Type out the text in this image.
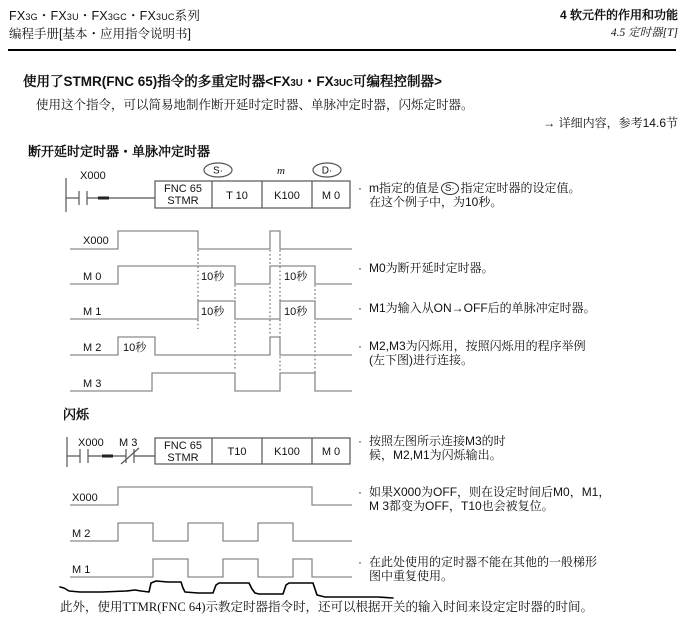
FX3G・FX3U・FX3GC・FX3UC系列
编程手册[基本・应用指令说明书]
4 软元件的作用和功能
4.5 定时器[T]
使用了STMR(FNC 65)指令的多重定时器<FX3U・FX3UC可编程控制器>
使用这个指令，可以简易地制作断开延时定时器、单脉冲定时器，闪烁定时器。
→ 详细内容，参考14.6节
断开延时定时器・单脉冲定时器
X000
FNC 65
STMR	T 10 K100 M 0
S·	m	D·
X000
M 0
M 1
M 2
M 3
10秒	10秒
10秒	10秒
10秒
· m指定的值是 S· 指定定时器的设定值。
在这个例子中，为10秒。
· M0为断开延时定时器。
· M1为输入从ON→OFF后的单脉冲定时器。
· M2,M3为闪烁用，按照闪烁用的程序举例
(左下图)进行连接。
闪烁
X000 M 3 FNC 65
STMR	T10	K100 M 0
X000
M 2
M 1
· 按照左图所示连接M3的时
候，M2,M1为闪烁输出。
· 如果X000为OFF，则在设定时间后M0，M1，
M 3都变为OFF，T10也会被复位。
· 在此处使用的定时器不能在其他的一般梯形
图中重复使用。
此外，使用TTMR(FNC 64)示教定时器指令时，还可以根据开关的输入时间来设定定时器的时间。
